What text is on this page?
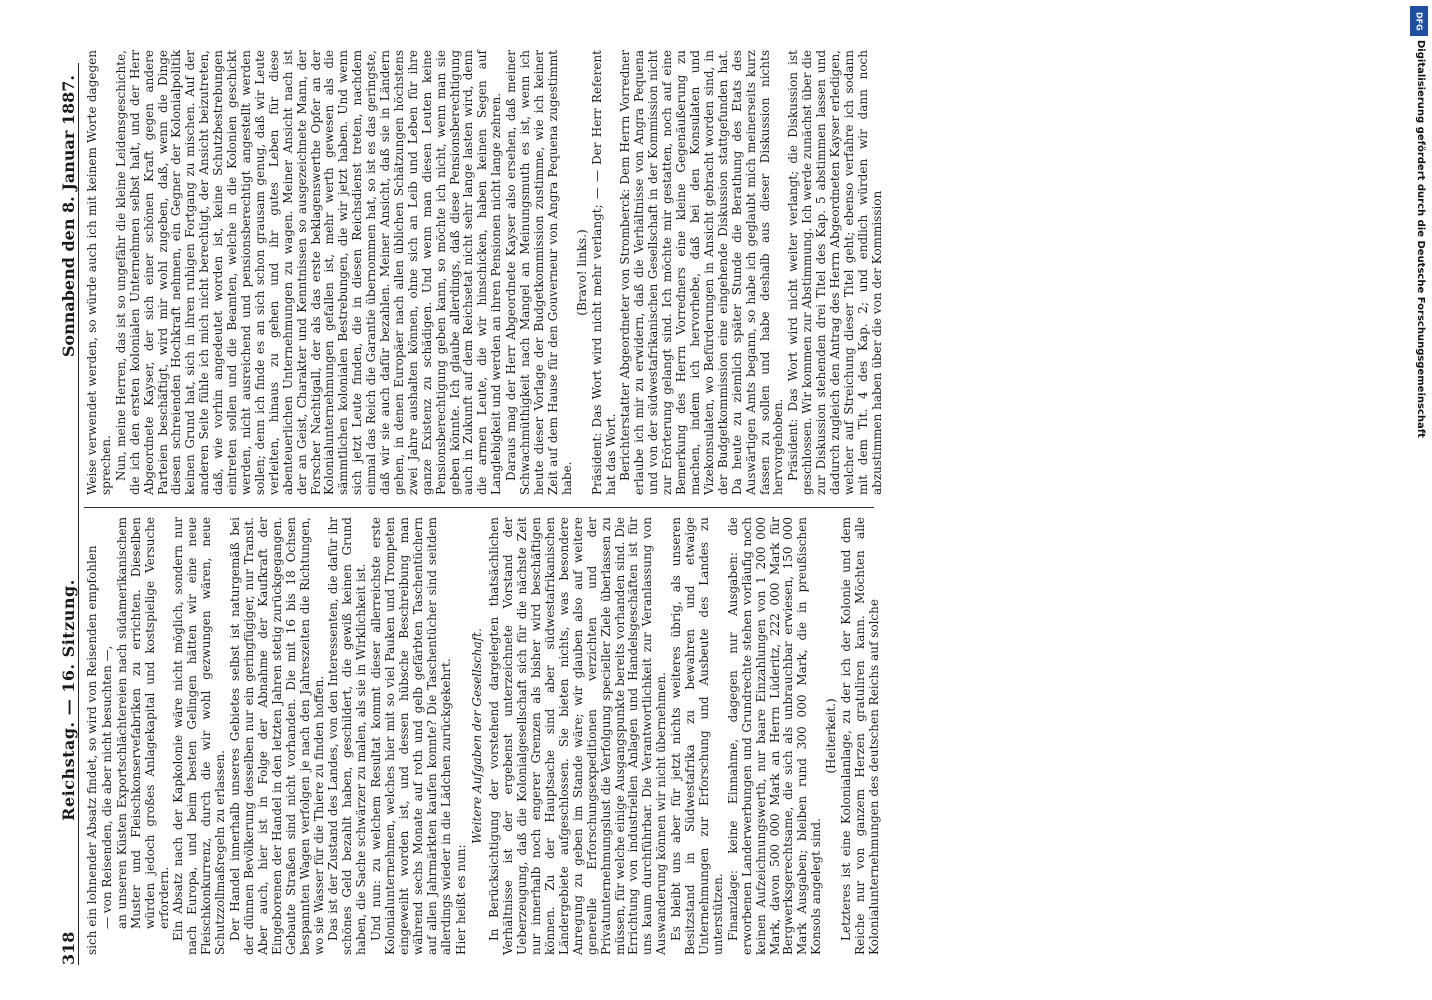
318
Reichstag. — 16. Sitzung.
Sonnabend den 8. Januar 1887.

sich ein lohnender Absatz findet, so wird von Reisenden empfohlen — von Reisenden, die aber nicht besuchten —, an unseren Küsten Exportschlächtereien nach südamerikanischem Muster und Fleischkonservefabriken zu errichten. Dieselben würden jedoch großes Anlagekapital und kostspielige Versuche erfordern. Ein Absatz nach der Kapkolonie wäre nicht möglich, sondern nur nach Europa, und beim besten Gelingen hätten wir eine neue Fleischkonkurrenz, durch die wir wohl gezwungen wären, neue Schutzzollmaßregeln zu erlassen. Der Handel innerhalb unseres Gebietes selbst ist naturgemäß bei der dünnen Bevölkerung desselben nur ein geringfügiger, nur Transit. Aber auch, hier ist in Folge der Abnahme der Kaufkraft der Eingeborenen der Handel in den letzten Jahren stetig zurückgegangen. Gebaute Straßen sind nicht vorhanden. Die mit 16 bis 18 Ochsen bespannten Wagen verfolgen je nach den Jahreszeiten die Richtungen, wo sie Wasser für die Thiere zu finden hoffen. Das ist der Zustand des Landes, von den Interessenten, die dafür ihr schönes Geld bezahlt haben, geschildert, die gewiß keinen Grund haben, die Sache schwärzer zu malen, als sie in Wirklichkeit ist. Und nun: zu welchem Resultat kommt dieser allerreichste erste Kolonialunternehmen, welches hier mit so viel Pauken und Trompeten eingeweiht worden ist, und dessen hübsche Beschreibung man während sechs Monate auf roth und gelb gefärbten Taschentüchern auf allen Jahrmärkten kaufen konnte? Die Taschentücher sind seitdem allerdings wieder in die Lädchen zurückgekehrt. Hier heißt es nun:

Weitere Aufgaben der Gesellschaft. In Berücksichtigung der vorstehend dargelegten thatsächlichen Verhältnisse ist der ergebenst unterzeichnete Vorstand der Ueberzeugung, daß die Kolonialgesellschaft sich für die nächste Zeit nur innerhalb noch engerer Grenzen als bisher wird beschäftigen können. Zu der Hauptsache sind aber südwestafrikanischen Ländergebiete aufgeschlossen. Sie bieten nichts, was besondere Anregung zu geben im Stande wäre; wir glauben also auf weitere generelle Erforschungsexpeditionen verzichten und der Privatunternehmungslust die Verfolgung specieller Ziele überlassen zu müssen, für welche einige Ausgangspunkte bereits vorhanden sind. Die Errichtung von industriellen Anlagen und Handelsgeschäften ist für uns kaum durchführbar. Die Verantwortlichkeit zur Veranlassung von Auswanderung können wir nicht übernehmen. Es bleibt uns aber für jetzt nichts weiteres übrig, als unseren Besitzstand in Südwestafrika zu bewahren und etwaige Unternehmungen zur Erforschung und Ausbeute des Landes zu unterstützen. Finanzlage: keine Einnahme, dagegen nur Ausgaben: die erworbenen Landerwerbungen und Grundrechte stehen vorläufig noch keinen Aufzeichnungswerth, nur baare Einzahlungen von 1 200 000 Mark, davon 500 000 Mark an Herrn Lüderitz, 222 000 Mark für Bergwerksgerechtsame, die sich als unbrauchbar erwiesen, 150 000 Mark Ausgaben; bleiben rund 300 000 Mark, die in preußischen Konsols angelegt sind.

(Heiterkeit.) Letzteres ist eine Kolonialanlage, zu der ich der Kolonie und dem Reiche nur von ganzem Herzen gratuliren kann. Möchten alle Kolonialunternehmungen des deutschen Reichs auf solche

Weise verwendet werden, so würde auch ich mit keinem Worte dagegen sprechen. Nun, meine Herren, das ist so ungefähr die kleine Leidensgeschichte, die ich den ersten kolonialen Unternehmen selbst halt, und der Herr Abgeordnete Kayser, der sich einer schönen Kraft gegen andere Parteien beschäftigt, wird mir wohl zugeben, daß, wenn die Dinge diesen schreienden Hochkraft nehmen, ein Gegner der Kolonialpolitik keinen Grund hat, sich in ihren ruhigen Fortgang zu mischen. Auf der anderen Seite fühle ich mich nicht berechtigt, der Ansicht beizutreten, daß, wie vorhin angedeutet worden ist, keine Schutzbestrebungen eintreten sollen und die Beamten, welche in die Kolonien geschickt werden, nicht ausreichend und pensionsberechtigt angestellt werden sollen; denn ich finde es an sich schon grausam genug, daß wir Leute verleiten, hinaus zu gehen und ihr gutes Leben für diese abenteuerlichen Unternehmungen zu wagen. Meiner Ansicht nach ist der an Geist, Charakter und Kenntnissen so ausgezeichnete Mann, der Forscher Nachtigall, der als das erste beklagenswerthe Opfer an der Kolonialunternehmungen gefallen ist, mehr werth gewesen als die sämmtlichen kolonialen Bestrebungen, die wir jetzt haben. Und wenn sich jetzt Leute finden, die in diesen Reichsdienst treten, nachdem einmal das Reich die Garantie übernommen hat, so ist es das geringste, daß wir sie auch dafür bezahlen. Meiner Ansicht, daß sie in Ländern gehen, in denen Europäer nach allen üblichen Schätzungen höchstens zwei Jahre aushalten können, ohne sich an Leib und Leben für ihre ganze Existenz zu schädigen. Und wenn man diesen Leuten keine Pensionsberechtigung geben kann, so möchte ich nicht, wenn man sie geben könnte. Ich glaube allerdings, daß diese Pensionsberechtigung auch in Zukunft auf dem Reichsetat nicht sehr lange lasten wird, denn die armen Leute, die wir hinschicken, haben keinen Segen auf Langlebigkeit und werden an ihren Pensionen nicht lange zehren. Daraus mag der Herr Abgeordnete Kayser also ersehen, daß meiner Schwachmüthigkeit nach Mangel an Meinungsmuth es ist, wenn ich heute dieser Vorlage der Budgetkommission zustimme, wie ich keiner Zeit auf dem Hause für den Gouverneur von Angra Pequena zugestimmt habe.

(Bravo! links.) Präsident: Das Wort wird nicht mehr verlangt; — — Der Herr Referent hat das Wort. Berichterstatter Abgeordneter von Stromberck: Dem Herrn Vorredner erlaube ich mir zu erwidern, daß die Verhältnisse von Angra Pequena und von der südwestafrikanischen Gesellschaft in der Kommission nicht zur Erörterung gelangt sind. Ich möchte mir gestatten, noch auf eine Bemerkung des Herrn Vorredners eine kleine Gegenäußerung zu machen, indem ich hervorhebe, daß bei den Konsulaten und Vizekonsulaten, wo Befürderungen in Ansicht gebracht worden sind, in der Budgetkommission eine eingehende Diskussion stattgefunden hat. Da heute zu ziemlich später Stunde die Berathung des Etats des Auswärtigen Amts begann, so habe ich geglaubt mich meinerseits kurz fassen zu sollen und habe deshalb aus dieser Diskussion nichts hervorgehoben. Präsident: Das Wort wird nicht weiter verlangt; die Diskussion ist geschlossen. Wir kommen zur Abstimmung. Ich werde zunächst über die zur Diskussion stehenden drei Titel des Kap. 5 abstimmen lassen und dadurch zugleich den Antrag des Herrn Abgeordneten Kayser erledigen, welcher auf Streichung dieser Titel geht; ebenso verfahre ich sodann mit dem Tit. 4 des Kap. 2; und endlich würden wir dann noch abzustimmen haben über die von der Kommission

DFG
Digitalisierung gefördert durch die Deutsche Forschungsgemeinschaft
